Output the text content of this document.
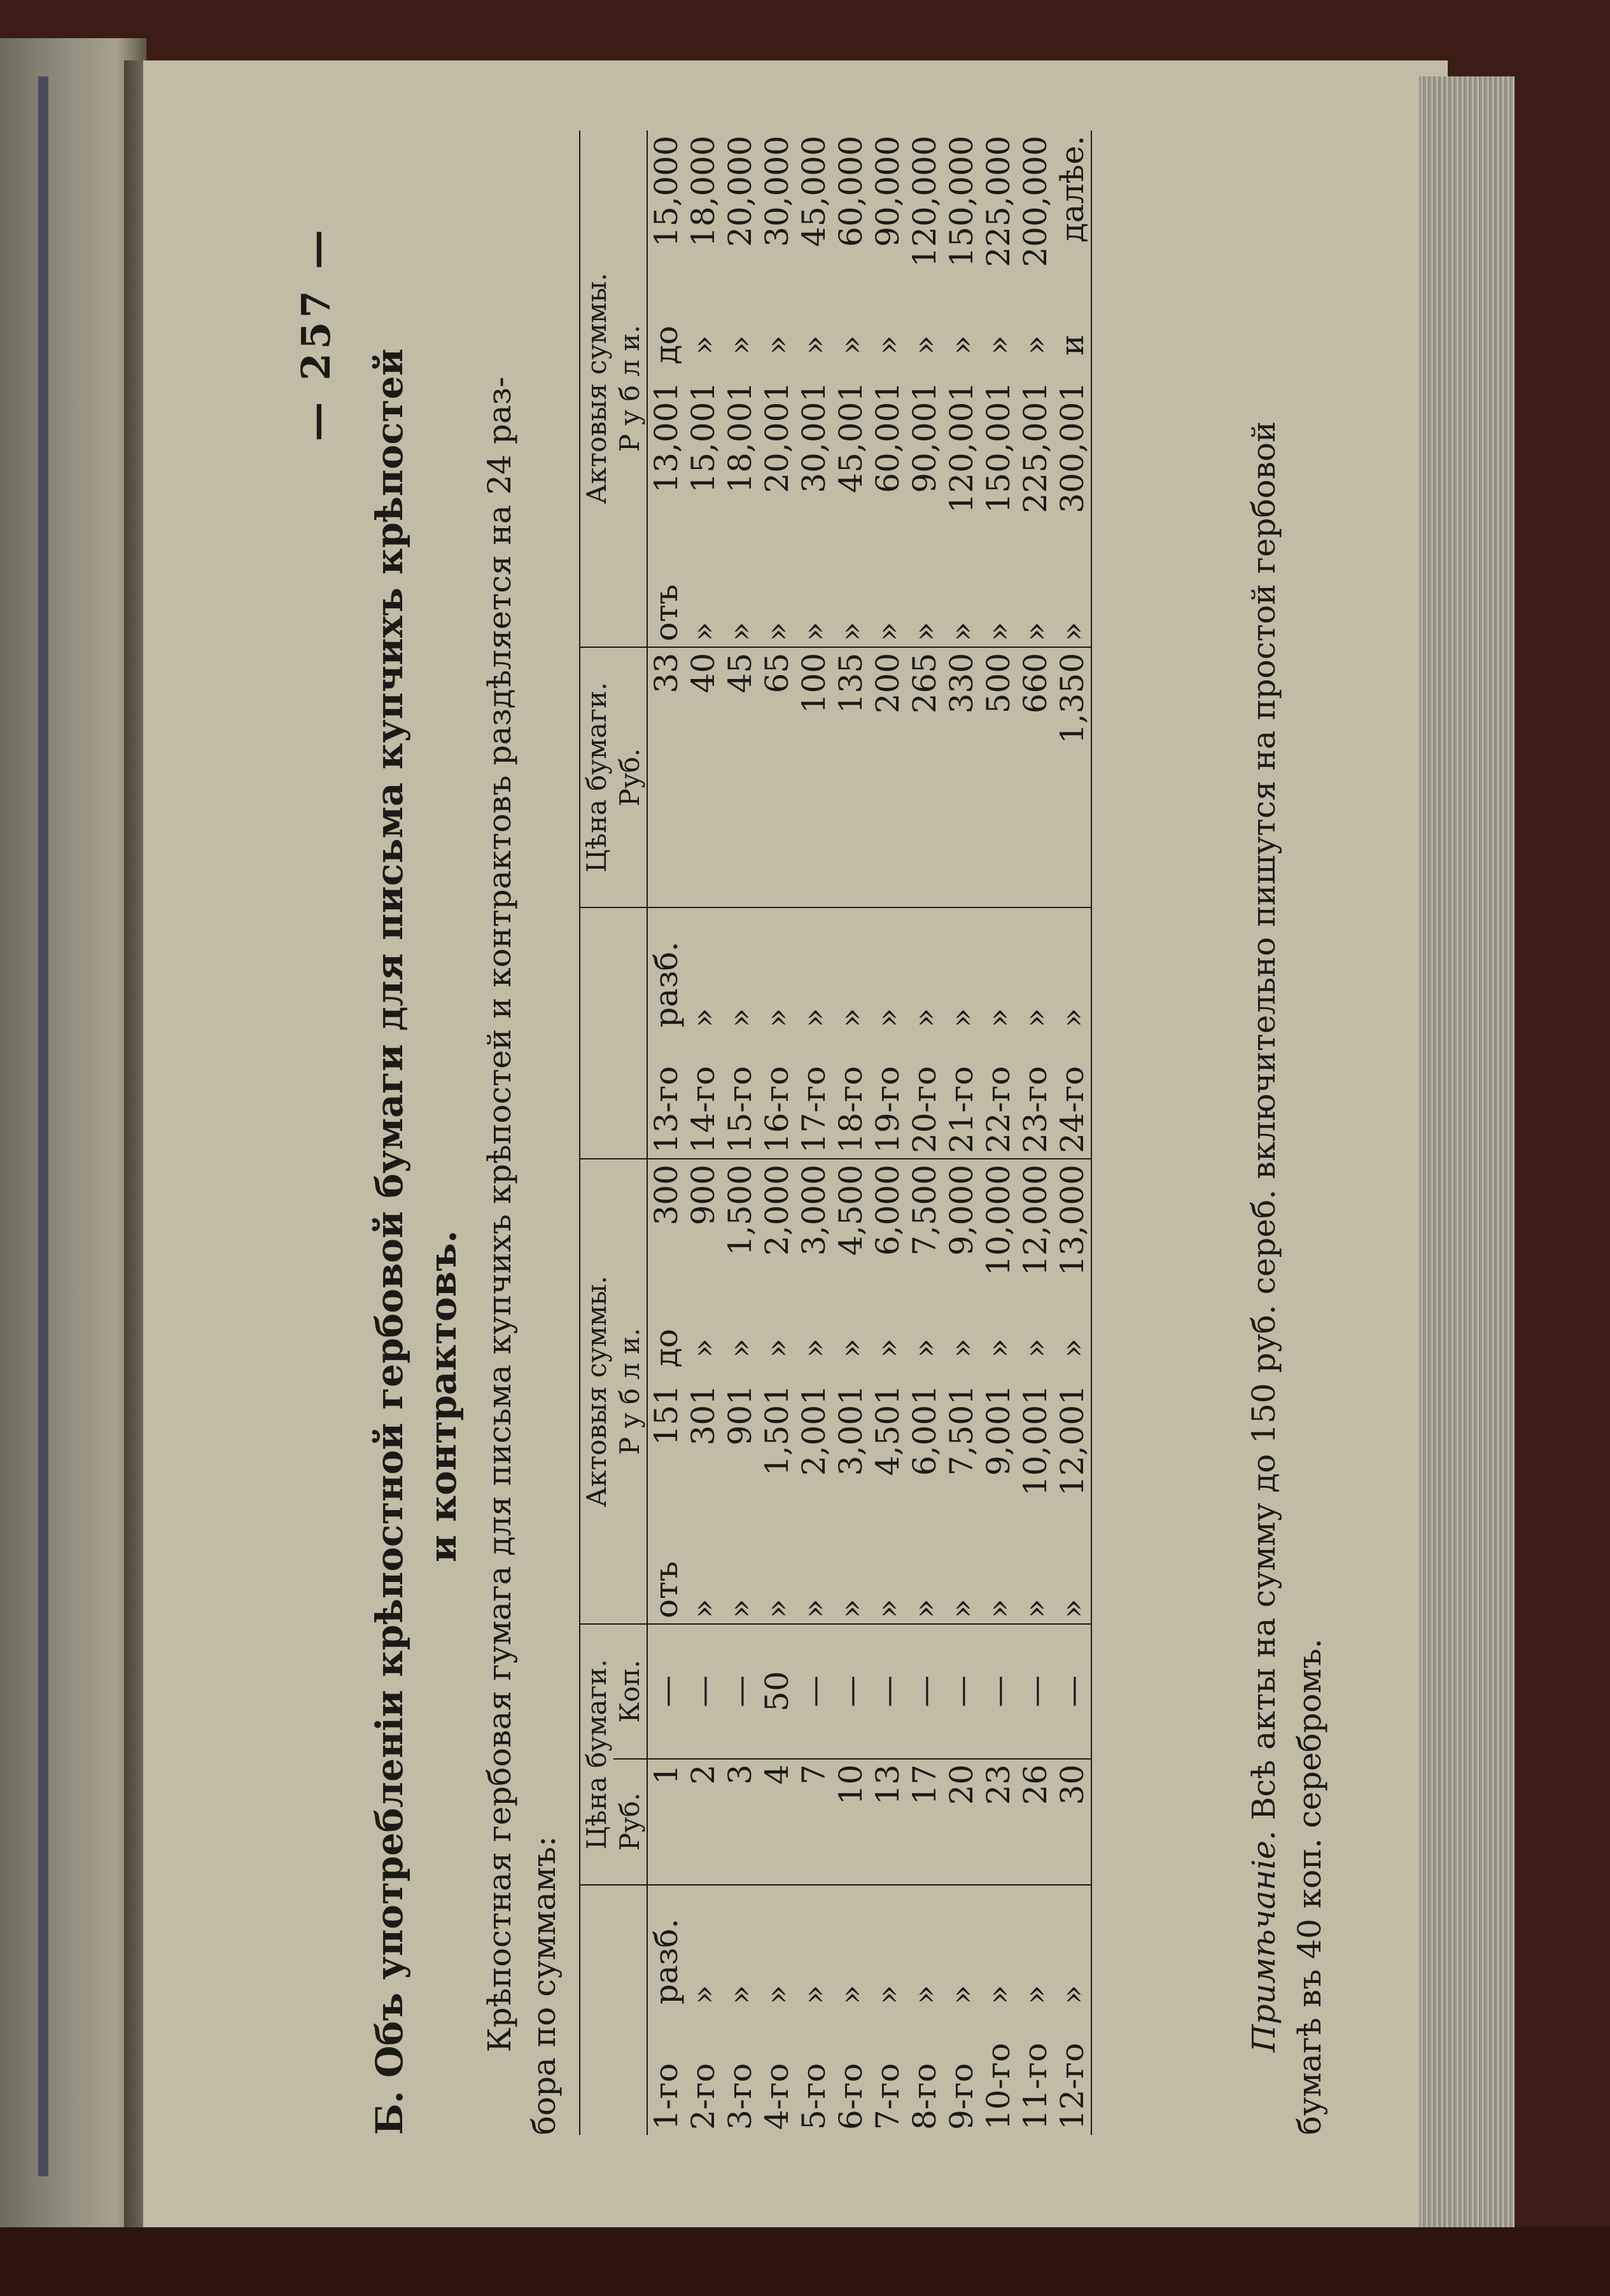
— 257 —
Б. Объ употребленіи крѣпостной гербовой бумаги для письма купчихъ крѣпостей и контрактовъ. Крѣпостная гербовая гумага для письма купчихъ крѣпостей и контрактовъ раздѣляется на 24 раз- бора по суммамъ:
		Цѣна бумаги.		Актовыя суммы.						Цѣна бумаги.	Актовыя суммы.			
		Руб.	Коп.	Р у б л и.						Руб.	Р у б л и.			
1-го	разб.	1	—	отъ	151	до	300	13-го	разб.	33	отъ	13,001	до	15,000
2-го	»	2	—	»	301	»	900	14-го	»	40	»	15,001	»	18,000
3-го	»	3	—	»	901	»	1,500	15-го	»	45	»	18,001	»	20,000
4-го	»	4	50	»	1,501	»	2,000	16-го	»	65	»	20,001	»	30,000
5-го	»	7	—	»	2,001	»	3,000	17-го	»	100	»	30,001	»	45,000
6-го	»	10	—	»	3,001	»	4,500	18-го	»	135	»	45,001	»	60,000
7-го	»	13	—	»	4,501	»	6,000	19-го	»	200	»	60,001	»	90,000
8-го	»	17	—	»	6,001	»	7,500	20-го	»	265	»	90,001	»	120,000
9-го	»	20	—	»	7,501	»	9,000	21-го	»	330	»	120,001	»	150,000
10-го	»	23	—	»	9,001	»	10,000	22-го	»	500	»	150,001	»	225,000
11-го	»	26	—	»	10,001	»	12,000	23-го	»	660	»	225,001	»	200,000
12-го	»	30	—	»	12,001	»	13,000	24-го	»	1,350	»	300,001	и	далѣе.
Примѣчаніе. Всѣ акты на сумму до 150 руб. сереб. включительно пишутся на простой гербовой
бумагѣ въ 40 коп. серебромъ.
